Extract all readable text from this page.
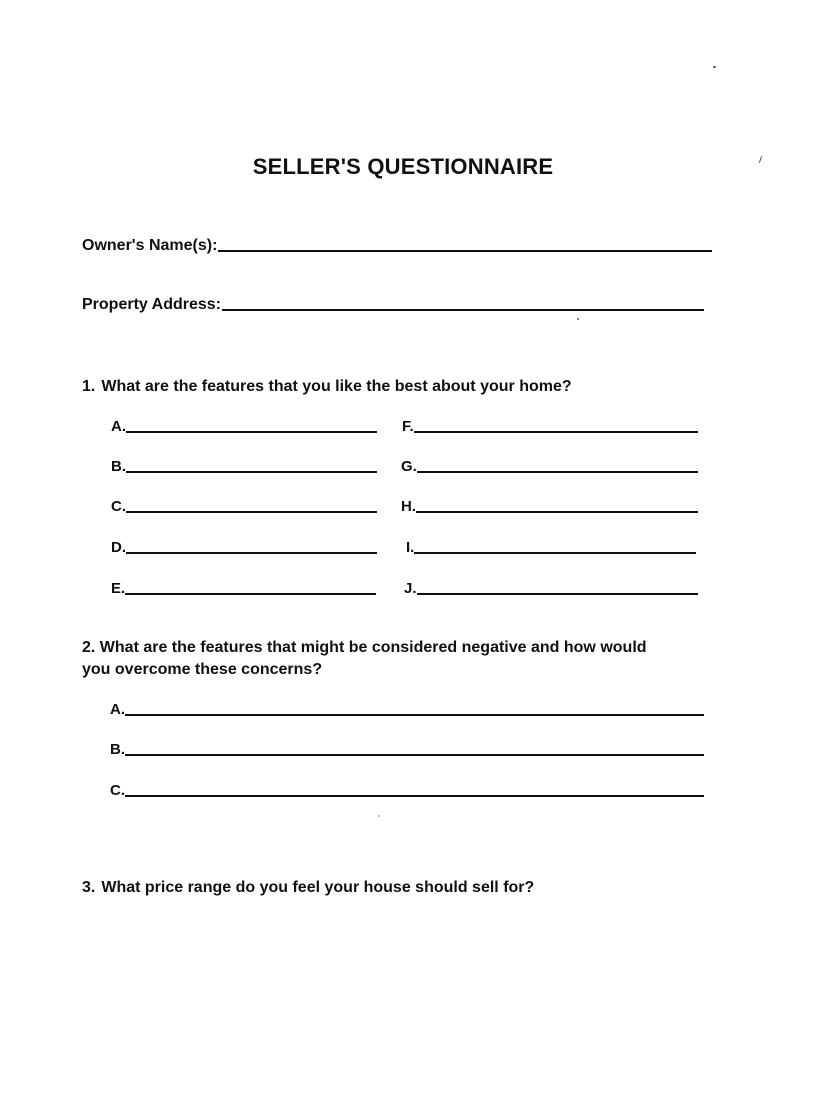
SELLER'S QUESTIONNAIRE
Owner's Name(s):
Property Address:
1. What are the features that you like the best about your home?
A.
B.
C.
D.
E.
F.
G.
H.
I.
J.
2. What are the features that might be considered negative and how would
you overcome these concerns?
A.
B.
C.
3. What price range do you feel your house should sell for?
